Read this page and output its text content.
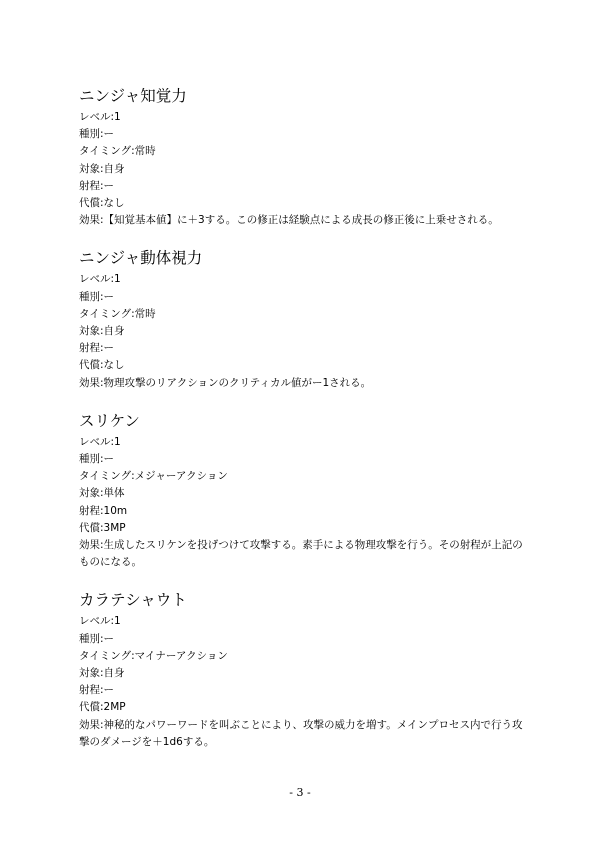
ニンジャ知覚力

レベル:1

種別:ー

タイミング:常時

対象:自身

射程:ー

代償:なし

効果:【知覚基本値】に＋3する。この修正は経験点による成長の修正後に上乗せされる。

ニンジャ動体視力

レベル:1

種別:ー

タイミング:常時

対象:自身

射程:ー

代償:なし

効果:物理攻撃のリアクションのクリティカル値がー1される。

スリケン

レベル:1

種別:ー

タイミング:メジャーアクション

対象:単体

射程:10m

代償:3MP

効果:生成したスリケンを投げつけて攻撃する。素手による物理攻撃を行う。その射程が上記のものになる。

カラテシャウト

レベル:1

種別:ー

タイミング:マイナーアクション

対象:自身

射程:ー

代償:2MP

効果:神秘的なパワーワードを叫ぶことにより、攻撃の威力を増す。メインプロセス内で行う攻撃のダメージを＋1d6する。

- 3 -
